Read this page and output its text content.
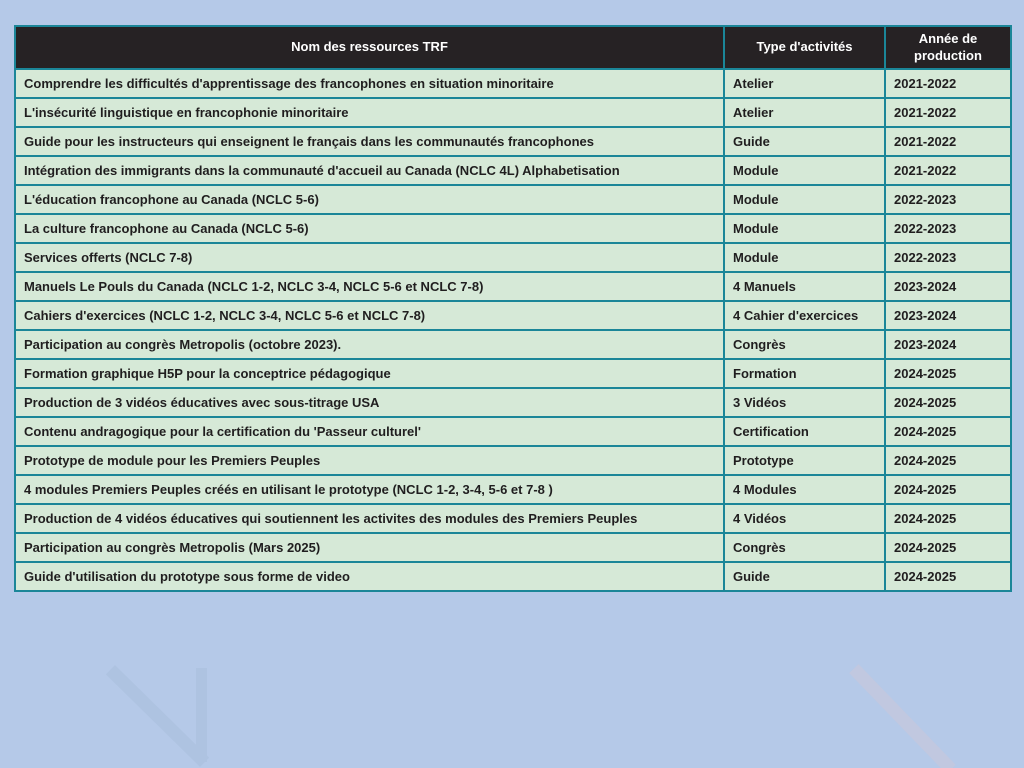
Nom des ressources TRF	Type d'activités	Année de production
Comprendre les difficultés d'apprentissage des francophones en situation minoritaire	Atelier	2021-2022
L'insécurité linguistique en francophonie minoritaire	Atelier	2021-2022
Guide pour les instructeurs qui enseignent le français dans les communautés francophones	Guide	2021-2022
Intégration des immigrants dans la communauté d'accueil au Canada (NCLC 4L) Alphabetisation	Module	2021-2022
L'éducation francophone au Canada (NCLC 5-6)	Module	2022-2023
La culture francophone au Canada (NCLC 5-6)	Module	2022-2023
Services offerts (NCLC 7-8)	Module	2022-2023
Manuels Le Pouls du Canada (NCLC 1-2, NCLC 3-4, NCLC 5-6 et NCLC 7-8)	4 Manuels	2023-2024
Cahiers d'exercices (NCLC 1-2, NCLC 3-4, NCLC 5-6 et NCLC 7-8)	4 Cahier d'exercices	2023-2024
Participation au congrès Metropolis (octobre 2023).	Congrès	2023-2024
Formation graphique H5P pour la conceptrice pédagogique	Formation	2024-2025
Production de 3 vidéos éducatives avec sous-titrage USA	3 Vidéos	2024-2025
Contenu andragogique pour la certification du 'Passeur culturel'	Certification	2024-2025
Prototype de module pour les Premiers Peuples	Prototype	2024-2025
4 modules Premiers Peuples créés en utilisant le prototype (NCLC 1-2, 3-4, 5-6 et 7-8 )	4 Modules	2024-2025
Production de 4 vidéos éducatives qui soutiennent les activites des modules des Premiers Peuples	4 Vidéos	2024-2025
Participation au congrès Metropolis (Mars 2025)	Congrès	2024-2025
Guide d'utilisation du prototype sous forme de video	Guide	2024-2025
